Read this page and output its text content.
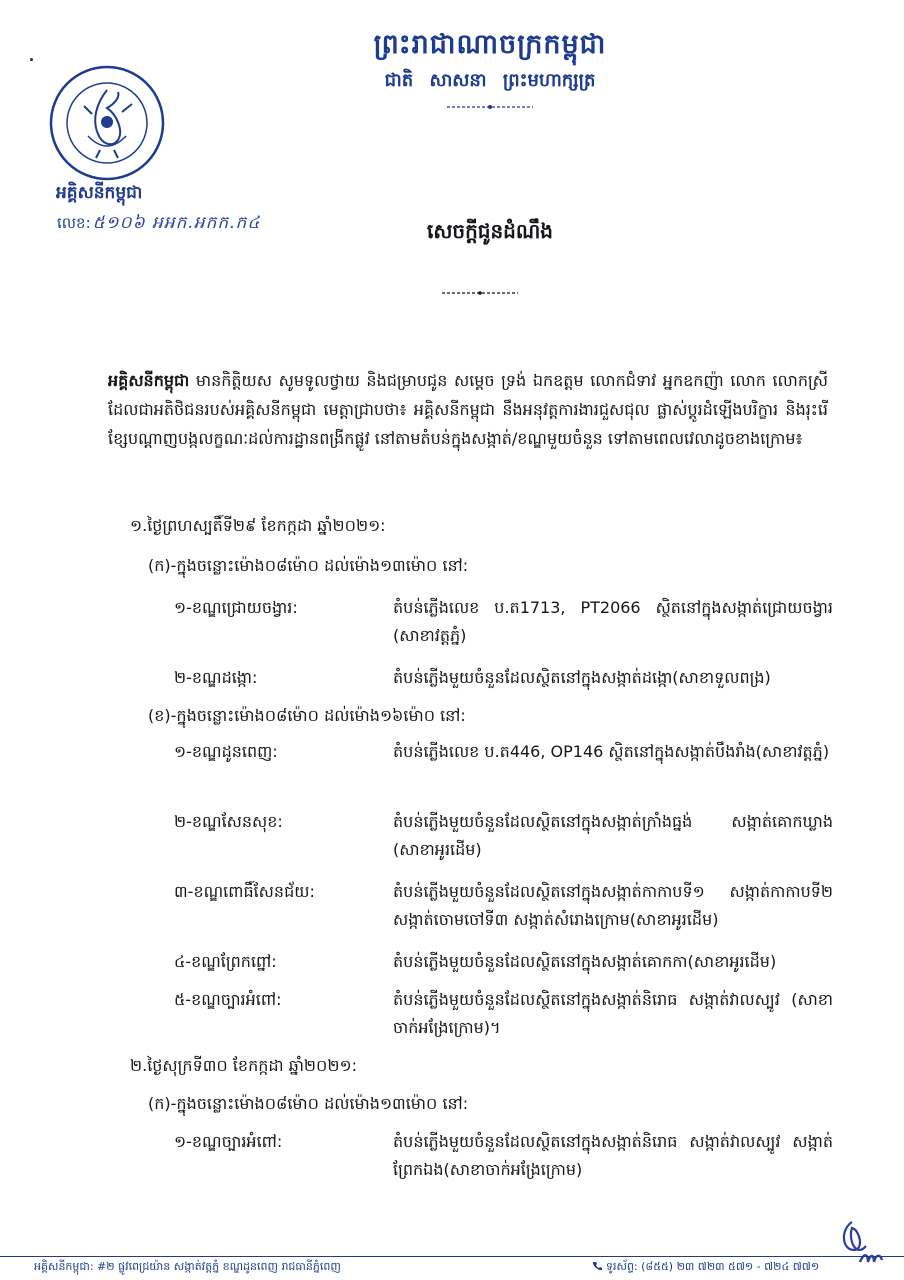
ព្រះរាជាណាចក្រកម្ពុជា
ជាតិ សាសនា ព្រះមហាក្សត្រ
អគ្គិសនីកម្ពុជា
លេខ: ៥១០៦ អអក.អកក.ក៤	សេចក្តីជូនដំណឹង
អគ្គិសនីកម្ពុជា មានកិត្តិយស សូមទូលថ្វាយ និងជម្រាបជូន សម្តេច ទ្រង់ ឯកឧត្តម លោកជំទាវ អ្នកឧកញ៉ា លោក លោកស្រី ដែលជាអតិថិជនរបស់អគ្គិសនីកម្ពុជា មេត្តាជ្រាបថា៖ អគ្គិសនីកម្ពុជា នឹងអនុវត្តការងារជួសជុល ផ្លាស់ប្តូរដំឡើងបរិក្ខារ និងរុះរើខ្សែបណ្តាញបង្កលក្ខណៈដល់ការដ្ឋានពង្រីកផ្លូវ នៅតាមតំបន់ក្នុងសង្កាត់/ខណ្ឌមួយចំនួន ទៅតាមពេលវេលាដូចខាងក្រោម៖
១.ថ្ងៃព្រហស្បតិ៍ទី២៩ ខែកក្កដា ឆ្នាំ២០២១:
(ក)-ក្នុងចន្លោះម៉ោង០៨ម៉ោ០ ដល់ម៉ោង១៣ម៉ោ០ នៅ:
១-ខណ្ឌជ្រោយចង្វារ:	តំបន់ភ្លើងលេខ ប.ត1713, PT2066 ស្ថិតនៅក្នុងសង្កាត់ជ្រោយចង្វារ (សាខាវត្តភ្នំ)
២-ខណ្ឌដង្កោ:	តំបន់ភ្លើងមួយចំនួនដែលស្ថិតនៅក្នុងសង្កាត់ដង្កោ(សាខាទួលពង្រ)
(ខ)-ក្នុងចន្លោះម៉ោង០៨ម៉ោ០ ដល់ម៉ោង១៦ម៉ោ០ នៅ:
១-ខណ្ឌដូនពេញ:	តំបន់ភ្លើងលេខ ប.ត446, OP146 ស្ថិតនៅក្នុងសង្កាត់បឹងរាំង(សាខាវត្តភ្នំ)
២-ខណ្ឌសែនសុខ:	តំបន់ភ្លើងមួយចំនួនដែលស្ថិតនៅក្នុងសង្កាត់ក្រាំងធ្នង់ សង្កាត់គោកឃ្លាង (សាខាអូរដើម)
៣-ខណ្ឌពោធិ៍សែនជ័យ:	តំបន់ភ្លើងមួយចំនួនដែលស្ថិតនៅក្នុងសង្កាត់កាកាបទី១ សង្កាត់កាកាបទី២ សង្កាត់ចោមចៅទី៣ សង្កាត់សំរោងក្រោម(សាខាអូរដើម)
៤-ខណ្ឌព្រែកព្នៅ:	តំបន់ភ្លើងមួយចំនួនដែលស្ថិតនៅក្នុងសង្កាត់គោកកា(សាខាអូរដើម)
៥-ខណ្ឌច្បារអំពៅ:	តំបន់ភ្លើងមួយចំនួនដែលស្ថិតនៅក្នុងសង្កាត់និរោធ សង្កាត់វាលស្បូវ (សាខាចាក់អង្រែក្រោម)។
២.ថ្ងៃសុក្រទី៣០ ខែកក្កដា ឆ្នាំ២០២១:
(ក)-ក្នុងចន្លោះម៉ោង០៨ម៉ោ០ ដល់ម៉ោង១៣ម៉ោ០ នៅ:
១-ខណ្ឌច្បារអំពៅ:	តំបន់ភ្លើងមួយចំនួនដែលស្ថិតនៅក្នុងសង្កាត់និរោធ សង្កាត់វាលស្បូវ សង្កាត់ព្រែកឯង(សាខាចាក់អង្រែក្រោម)
អគ្គិសនីកម្ពុជា: #២ ផ្លូវពេជ្រយ៉ាន សង្កាត់វត្តភ្នំ ខណ្ឌដូនពេញ រាជធានីភ្នំពេញ	ទូរស័ព្ទ: (៨៥៥) ២៣ ៧២៣ ៥៧១ - ៧២៤ ៧៧១
